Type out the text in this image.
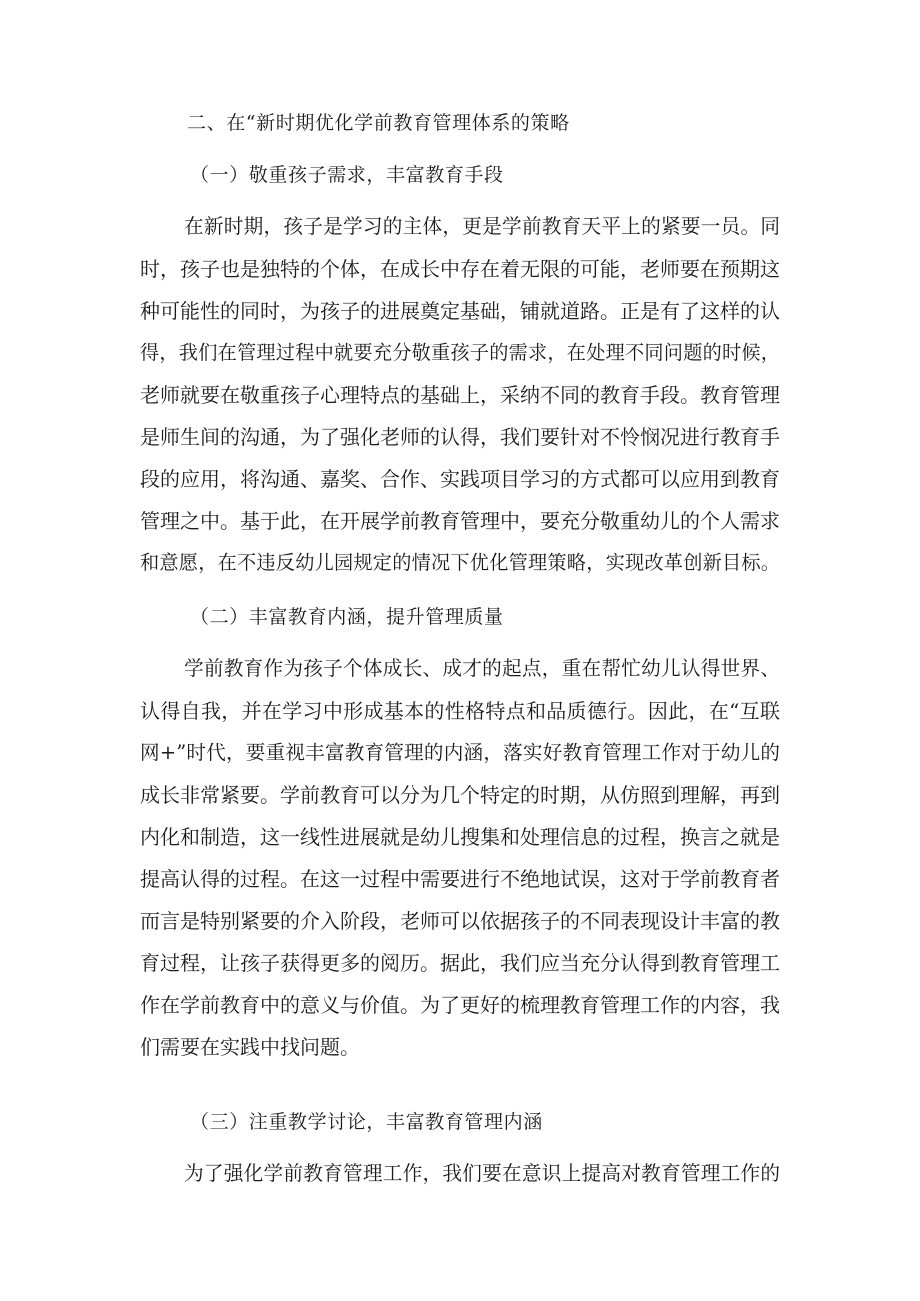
二、在“新时期优化学前教育管理体系的策略
（一）敬重孩子需求，丰富教育手段
在新时期，孩子是学习的主体，更是学前教育天平上的紧要一员。同
时，孩子也是独特的个体，在成长中存在着无限的可能，老师要在预期这
种可能性的同时，为孩子的进展奠定基础，铺就道路。正是有了这样的认
得，我们在管理过程中就要充分敬重孩子的需求，在处理不同问题的时候，
老师就要在敬重孩子心理特点的基础上，采纳不同的教育手段。教育管理
是师生间的沟通，为了强化老师的认得，我们要针对不怜悯况进行教育手
段的应用，将沟通、嘉奖、合作、实践项目学习的方式都可以应用到教育
管理之中。基于此，在开展学前教育管理中，要充分敬重幼儿的个人需求
和意愿，在不违反幼儿园规定的情况下优化管理策略，实现改革创新目标。
（二）丰富教育内涵，提升管理质量
学前教育作为孩子个体成长、成才的起点，重在帮忙幼儿认得世界、
认得自我，并在学习中形成基本的性格特点和品质德行。因此，在“互联
网+”时代，要重视丰富教育管理的内涵，落实好教育管理工作对于幼儿的
成长非常紧要。学前教育可以分为几个特定的时期，从仿照到理解，再到
内化和制造，这一线性进展就是幼儿搜集和处理信息的过程，换言之就是
提高认得的过程。在这一过程中需要进行不绝地试误，这对于学前教育者
而言是特别紧要的介入阶段，老师可以依据孩子的不同表现设计丰富的教
育过程，让孩子获得更多的阅历。据此，我们应当充分认得到教育管理工
作在学前教育中的意义与价值。为了更好的梳理教育管理工作的内容，我
们需要在实践中找问题。
（三）注重教学讨论，丰富教育管理内涵
为了强化学前教育管理工作，我们要在意识上提高对教育管理工作的
